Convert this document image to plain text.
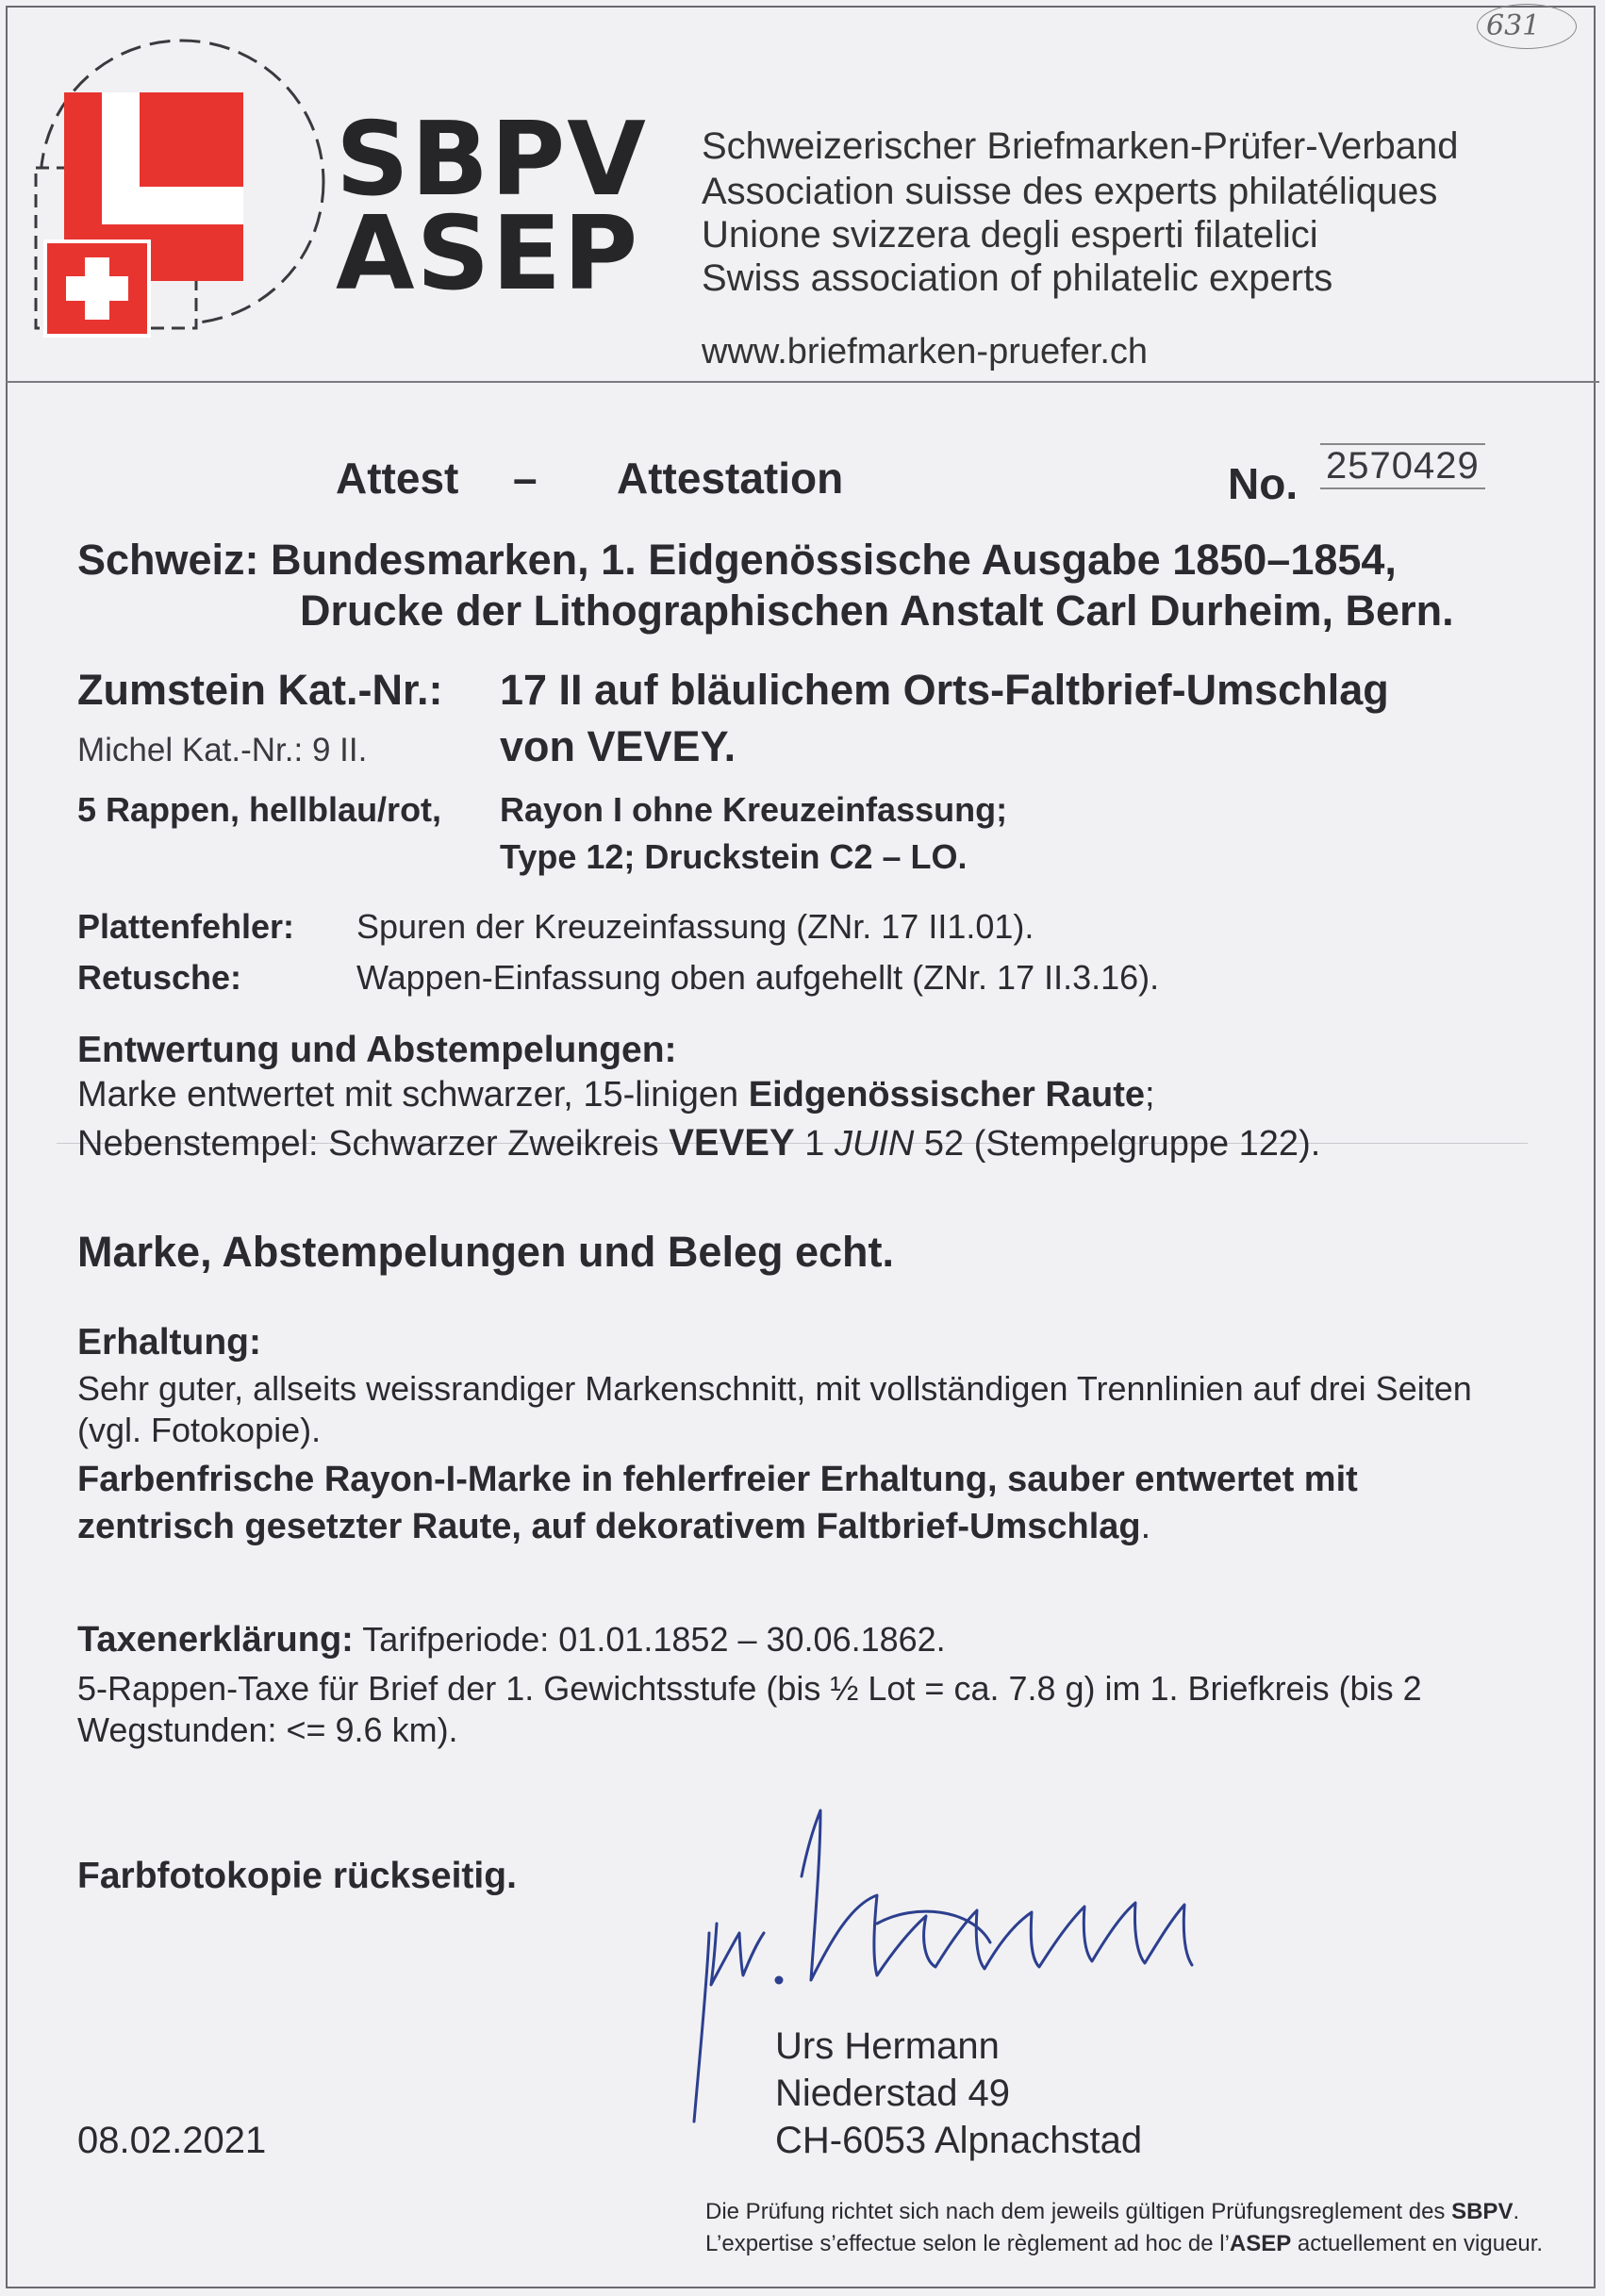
631
SBPV
ASEP
Schweizerischer Briefmarken-Prüfer-Verband
Association suisse des experts philatéliques
Unione svizzera degli esperti filatelici
Swiss association of philatelic experts
www.briefmarken-pruefer.ch
Attest – Attestation	No. 2570429
Schweiz: Bundesmarken, 1. Eidgenössische Ausgabe 1850–1854,
Drucke der Lithographischen Anstalt Carl Durheim, Bern.
Zumstein Kat.-Nr.: 17 II auf bläulichem Orts-Faltbrief-Umschlag
Michel Kat.-Nr.: 9 II.	von VEVEY.
5 Rappen, hellblau/rot, Rayon I ohne Kreuzeinfassung;
Type 12; Druckstein C2 – LO.
Plattenfehler: Spuren der Kreuzeinfassung (ZNr. 17 II1.01).
Retusche:	Wappen-Einfassung oben aufgehellt (ZNr. 17 II.3.16).
Entwertung und Abstempelungen:
Marke entwertet mit schwarzer, 15-linigen Eidgenössischer Raute;
Nebenstempel: Schwarzer Zweikreis VEVEY 1 JUIN 52 (Stempelgruppe 122).
Marke, Abstempelungen und Beleg echt.
Erhaltung:
Sehr guter, allseits weissrandiger Markenschnitt, mit vollständigen Trennlinien auf drei Seiten
(vgl. Fotokopie).
Farbenfrische Rayon-I-Marke in fehlerfreier Erhaltung, sauber entwertet mit
zentrisch gesetzter Raute, auf dekorativem Faltbrief-Umschlag.
Taxenerklärung: Tarifperiode: 01.01.1852 – 30.06.1862.
5-Rappen-Taxe für Brief der 1. Gewichtsstufe (bis ½ Lot = ca. 7.8 g) im 1. Briefkreis (bis 2
Wegstunden: <= 9.6 km).
Farbfotokopie rückseitig.
Urs Hermann
Niederstad 49
CH-6053 Alpnachstad
08.02.2021
Die Prüfung richtet sich nach dem jeweils gültigen Prüfungsreglement des SBPV.
L’expertise s’effectue selon le règlement ad hoc de l’ASEP actuellement en vigueur.
